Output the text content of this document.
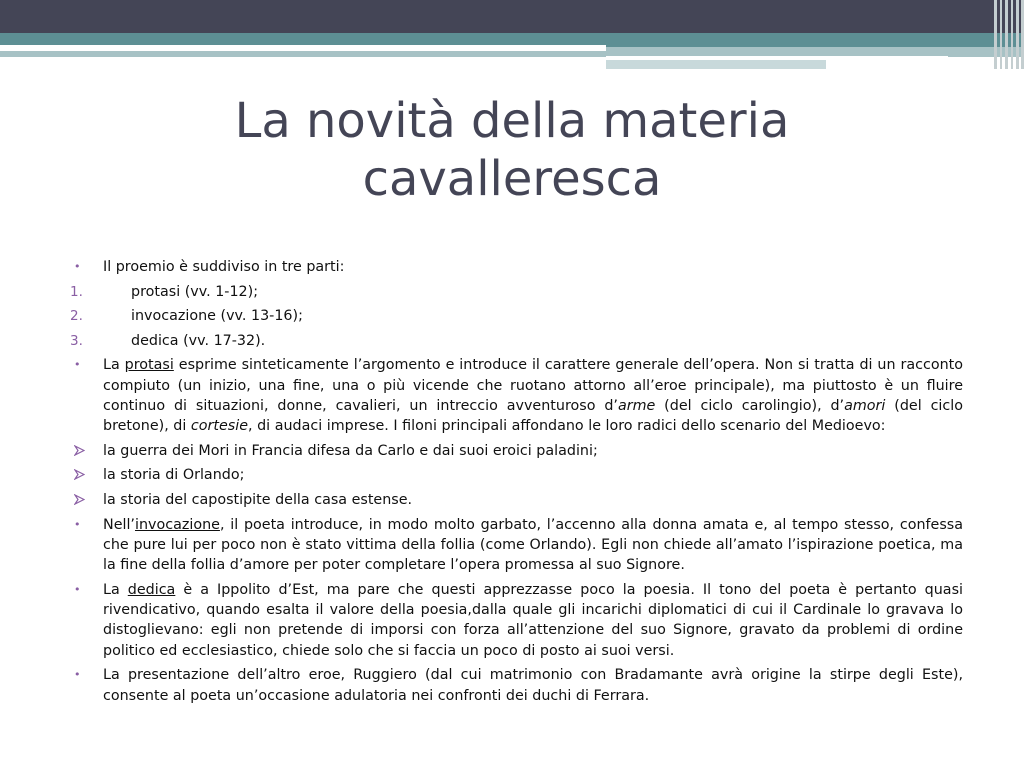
La novità della materia cavalleresca
• Il proemio è suddiviso in tre parti:

1.	protasi (vv. 1-12);

2.	invocazione (vv. 13-16);

3.	dedica (vv. 17-32).

• La protasi esprime sinteticamente l’argomento e introduce il carattere generale dell’opera. Non si tratta di un racconto compiuto (un inizio, una fine, una o più vicende che ruotano attorno all’eroe principale), ma piuttosto è un fluire continuo di situazioni, donne, cavalieri, un intreccio avventuroso d’arme (del ciclo carolingio), d’amori (del ciclo bretone), di cortesie, di audaci imprese. I filoni principali affondano le loro radici dello scenario del Medioevo:

la guerra dei Mori in Francia difesa da Carlo e dai suoi eroici paladini;

la storia di Orlando;

la storia del capostipite della casa estense.

• Nell’invocazione, il poeta introduce, in modo molto garbato, l’accenno alla donna amata e, al tempo stesso, confessa che pure lui per poco non è stato vittima della follia (come Orlando). Egli non chiede all’amato l’ispirazione poetica, ma la fine della follia d’amore per poter completare l’opera promessa al suo Signore.

• La dedica è a Ippolito d’Est, ma pare che questi apprezzasse poco la poesia. Il tono del poeta è pertanto quasi rivendicativo, quando esalta il valore della poesia,dalla quale gli incarichi diplomatici di cui il Cardinale lo gravava lo distoglievano: egli non pretende di imporsi con forza all’attenzione del suo Signore, gravato da problemi di ordine politico ed ecclesiastico, chiede solo che si faccia un poco di posto ai suoi versi.

• La presentazione dell’altro eroe, Ruggiero (dal cui matrimonio con Bradamante avrà origine la stirpe degli Este), consente al poeta un’occasione adulatoria nei confronti dei duchi di Ferrara.
